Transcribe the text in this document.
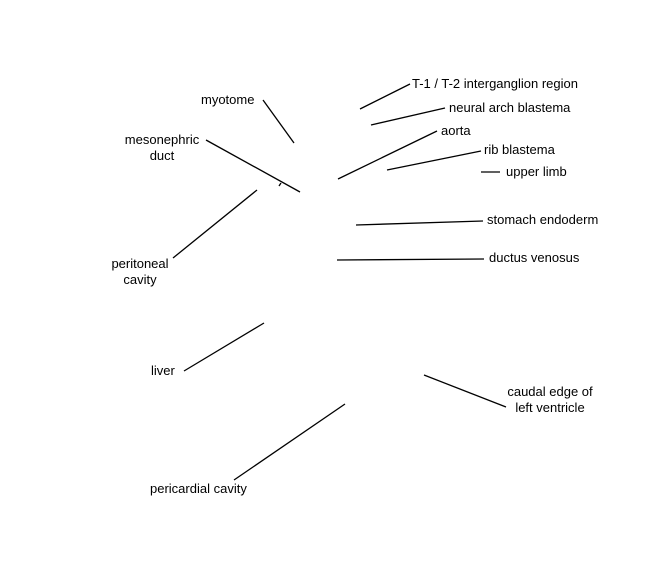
T-1 / T-2 interganglion region
neural arch blastema
aorta
rib blastema
upper limb
stomach endoderm
ductus venosus
caudal edge of
left ventricle
myotome
mesonephric
duct
peritoneal
cavity
liver
pericardial cavity
